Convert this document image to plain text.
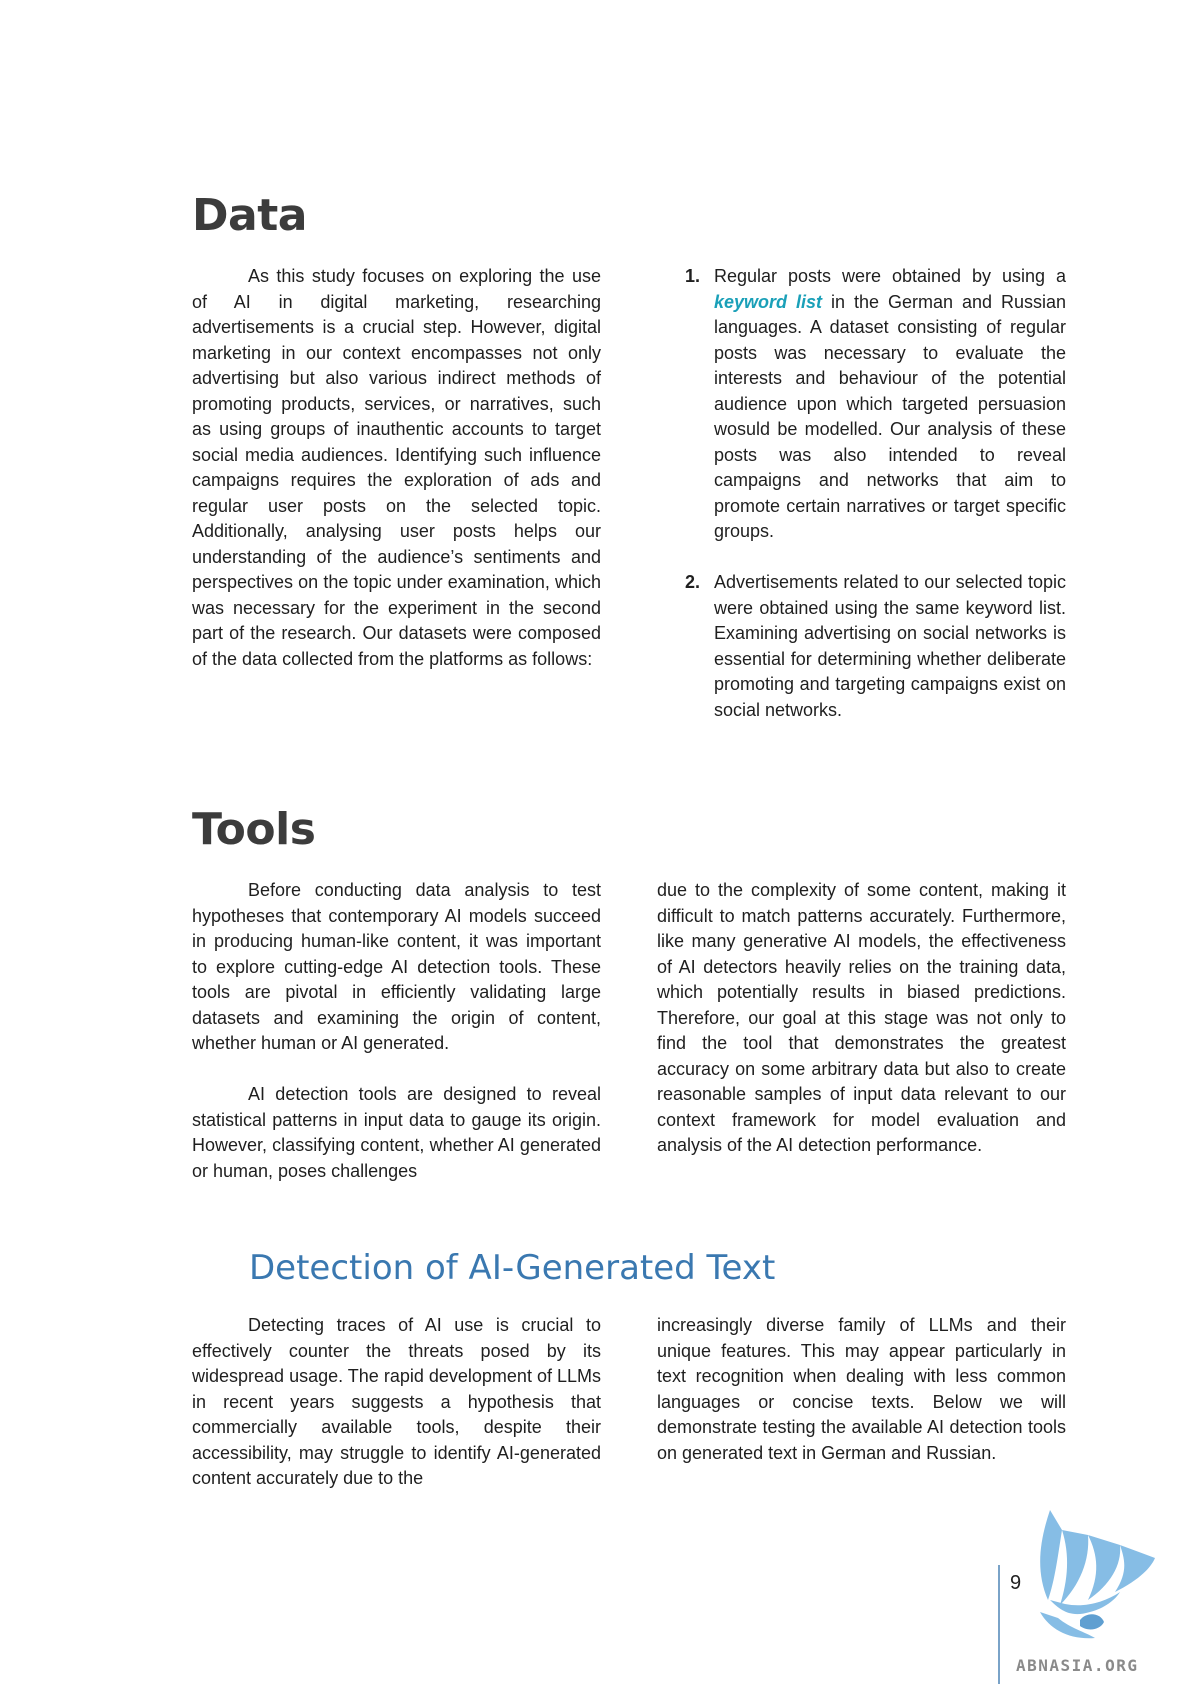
Data

As this study focuses on exploring the use of AI in digital marketing, researching advertisements is a crucial step. However, digital marketing in our context encompasses not only advertising but also various indirect methods of promoting products, services, or narratives, such as using groups of inauthentic accounts to target social media audiences. Identifying such influence campaigns requires the exploration of ads and regular user posts on the selected topic. Additionally, analysing user posts helps our understanding of the audience’s sentiments and perspectives on the topic under examination, which was necessary for the experiment in the second part of the research. Our datasets were composed of the data collected from the platforms as follows:

1. Regular posts were obtained by using a keyword list in the German and Russian languages. A dataset consisting of regular posts was necessary to evaluate the interests and behaviour of the potential audience upon which targeted persuasion wosuld be modelled. Our analysis of these posts was also intended to reveal campaigns and networks that aim to promote certain narratives or target specific groups.

2. Advertisements related to our selected topic were obtained using the same keyword list. Examining advertising on social networks is essential for determining whether deliberate promoting and targeting campaigns exist on social networks.

Tools

Before conducting data analysis to test hypotheses that contemporary AI models succeed in producing human-like content, it was important to explore cutting-edge AI detection tools. These tools are pivotal in efficiently validating large datasets and examining the origin of content, whether human or AI generated.

AI detection tools are designed to reveal statistical patterns in input data to gauge its origin. However, classifying content, whether AI generated or human, poses challenges

due to the complexity of some content, making it difficult to match patterns accurately. Furthermore, like many generative AI models, the effectiveness of AI detectors heavily relies on the training data, which potentially results in biased predictions. Therefore, our goal at this stage was not only to find the tool that demonstrates the greatest accuracy on some arbitrary data but also to create reasonable samples of input data relevant to our context framework for model evaluation and analysis of the AI detection performance.

Detection of AI-Generated Text

Detecting traces of AI use is crucial to effectively counter the threats posed by its widespread usage. The rapid development of LLMs in recent years suggests a hypothesis that commercially available tools, despite their accessibility, may struggle to identify AI-generated content accurately due to the

increasingly diverse family of LLMs and their unique features. This may appear particularly in text recognition when dealing with less common languages or concise texts. Below we will demonstrate testing the available AI detection tools on generated text in German and Russian.

9
ABNASIA.ORG
